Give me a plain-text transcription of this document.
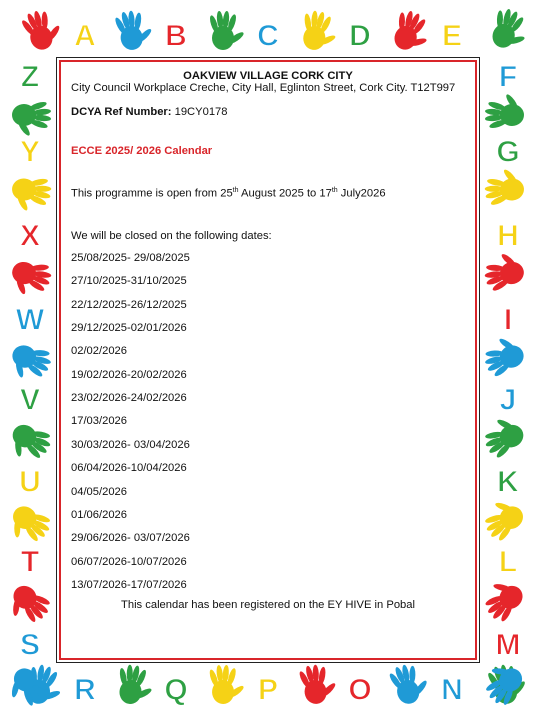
A B C D E
R Q P O N
Z
Y
X
W
V
U
T
S
F
G
H
I
J
K
L
M

OAKVIEW VILLAGE CORK CITY

City Council Workplace Creche, City Hall, Eglinton Street, Cork City. T12T997

DCYA Ref Number: 19CY0178

ECCE 2025/ 2026 Calendar

This programme is open from 25th August 2025 to 17th July2026

We will be closed on the following dates:

25/08/2025- 29/08/2025
27/10/2025-31/10/2025
22/12/2025-26/12/2025
29/12/2025-02/01/2026
02/02/2026
19/02/2026-20/02/2026
23/02/2026-24/02/2026
17/03/2026
30/03/2026- 03/04/2026
06/04/2026-10/04/2026
04/05/2026
01/06/2026
29/06/2026- 03/07/2026
06/07/2026-10/07/2026
13/07/2026-17/07/2026

This calendar has been registered on the EY HIVE in Pobal
